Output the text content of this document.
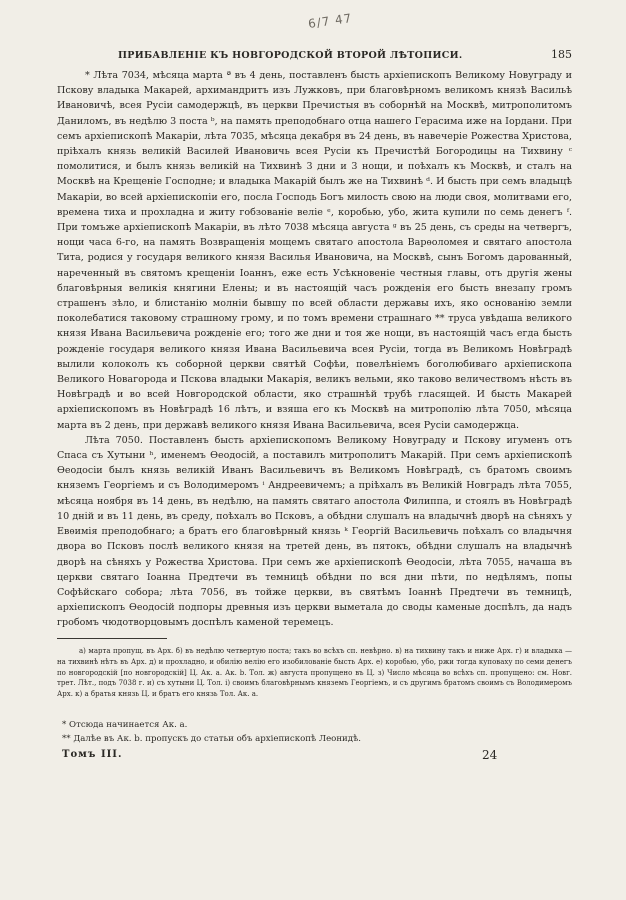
6/7 47
ПРИБАВЛЕНІЕ КЪ НОВГОРОДСКОЙ ВТОРОЙ ЛѢТОПИСИ.	185

* Лѣта 7034, мѣсяца марта ª въ 4 день, поставленъ бысть архіепископъ Великому Новуграду и Пскову владыка Макарей, архимандритъ изъ Лужковъ, при благовѣрномъ великомъ князѣ Васильѣ Ивановичѣ, всея Русіи самодержцѣ, въ церкви Пречистыя въ соборнѣй на Москвѣ, митрополитомъ Даниломъ, въ недѣлю 3 поста ᵇ, на память преподобнаго отца нашего Герасима иже на Іордани. При семъ архіепископѣ Макаріи, лѣта 7035, мѣсяца декабря въ 24 день, въ навечеріе Рожества Христова, пріѣхалъ князь великій Василей Ивановичь всея Русіи къ Пречистѣй Богородицы на Тихвину ᶜ помолитися, и былъ князь великій на Тихвинѣ 3 дни и 3 нощи, и поѣхалъ къ Москвѣ, и сталъ на Москвѣ на Крещеніе Господне; и владыка Макарій былъ же на Тихвинѣ ᵈ. И бысть при семъ владыцѣ Макаріи, во всей архіепископіи его, посла Господь Богъ милость свою на люди своя, молитвами его, времена тиха и прохладна и житу гобзованіе веліе ᵉ, коробью, убо, жита купили по семь денегъ ᶠ. При томъже архіепископѣ Макаріи, въ лѣто 7038 мѣсяца августа ᵍ въ 25 день, съ среды на четвергъ, нощи часа 6-го, на память Возвращенія мощемъ святаго апостола Варѳоломея и святаго апостола Тита, родися у государя великого князя Василья Ивановича, на Москвѣ, сынъ Богомъ дарованный, нареченный въ святомъ крещеніи Іоаннъ, еже есть Усѣкновеніе честныя главы, отъ другія жены благовѣрныя великія княгини Елены; и въ настоящій часъ рожденія его бысть внезапу громъ страшенъ зѣло, и блистанію молніи бывшу по всей области державы ихъ, яко основанію земли поколебатися таковому страшному грому, и по томъ времени страшнаго ** труса увѣдаша великого князя Ивана Васильевича рожденіе его; того же дни и тоя же нощи, въ настоящій часъ егда бысть рожденіе государя великого князя Ивана Васильевича всея Русіи, тогда въ Великомъ Новѣградѣ вылили колоколъ къ соборной церкви святѣй Софѣи, повелѣніемъ боголюбиваго архіепископа Великого Новагорода и Пскова владыки Макарія, великъ вельми, яко таково величествомъ нѣсть въ Новѣградѣ и во всей Новгородской области, яко страшнѣй трубѣ гласящей. И бысть Макарей архіепископомъ въ Новѣградѣ 16 лѣтъ, и взяша его къ Москвѣ на митрополію лѣта 7050, мѣсяца марта въ 2 день, при державѣ великого князя Ивана Васильевича, всея Русіи самодержца.

Лѣта 7050. Поставленъ бысть архіепископомъ Великому Новуграду и Пскову игуменъ отъ Спаса съ Хутыни ʰ, именемъ Ѳеодосій, а поставилъ митрополитъ Макарій. При семъ архіепископѣ Ѳеодосіи былъ князь великій Иванъ Васильевичъ въ Великомъ Новѣградѣ, съ братомъ своимъ княземъ Георгіемъ и съ Володимеромъ ⁱ Андреевичемъ; а пріѣхалъ въ Великій Новградъ лѣта 7055, мѣсяца ноября въ 14 день, въ недѣлю, на память святаго апостола Филиппа, и стоялъ въ Новѣградѣ 10 дній и въ 11 день, въ среду, поѣхалъ во Псковъ, а обѣдни слушалъ на владычнѣ дворѣ на сѣняхъ у Евѳимія преподобнаго; а братъ его благовѣрный князь ᵏ Георгій Васильевичь поѣхалъ со владычня двора во Псковъ послѣ великого князя на третей день, въ пятокъ, обѣдни слушалъ на владычнѣ дворѣ на сѣняхъ у Рожества Христова. При семъ же архіепископѣ Ѳеодосіи, лѣта 7055, начаша въ церкви святаго Іоанна Предтечи въ темницѣ обѣдни по вся дни пѣти, по недѣлямъ, попы Софѣйскаго собора; лѣта 7056, въ тойже церкви, въ святѣмъ Іоаннѣ Предтечи въ темницѣ, архіепископъ Ѳеодосій подпоры древныя изъ церкви выметала до своды каменые доспѣлъ, да надъ гробомъ чюдотворцовымъ доспѣлъ каменой теремецъ.

а) марта пропущ. въ Арх. б) въ недѣлю четвертую поста; такъ во всѣхъ сп. невѣрно. в) на тихвину такъ и ниже Арх. г) и владыка — на тихвинѣ нѣтъ въ Арх. д) и прохладно, и обилію велію его изобилованіе бысть Арх. е) коробью, убо, ржи тогда куповаху по семи денегъ по новгородскій [по новгородскій] Ц. Ак. а. Ак. b. Тол. ж) августа пропущено въ Ц. з) Число мѣсяца во всѣхъ сп. пропущено: см. Новг. трет. Лѣт., подъ 7038 г. и) съ хутыни Ц. Тол. і) своимъ благовѣрнымъ княземъ Георгіемъ, и съ другимъ братомъ своимъ съ Володимеромъ Арх. к) а братья князь Ц. и братъ его князь Тол. Ак. а.

* Отсюда начинается Ак. а.

** Далѣе въ Ак. b. пропускъ до статьи объ архіепископѣ Леонидѣ.

Томъ III.	24
